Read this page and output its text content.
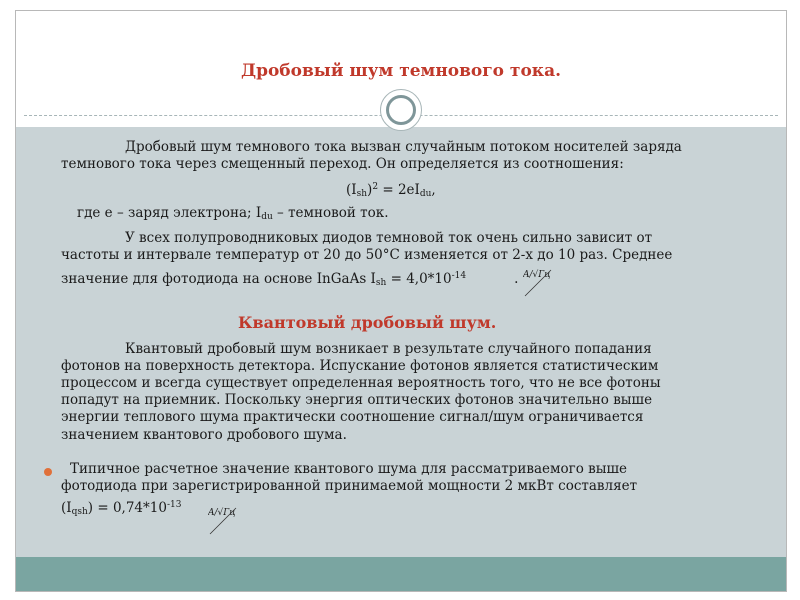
Дробовый шум темнового тока.
Дробовый шум темнового тока вызван случайным потоком носителей заряда
темнового тока через смещенный переход. Он определяется из соотношения:
$(I_{sh})^2 = 2eI_{du}$,
где е – заряд электрона; $I_{du}$ – темновой ток.
У всех полупроводниковых диодов темновой ток очень сильно зависит от
частоты и интервале температур от 20 до 50°С изменяется от 2-х до 10 раз. Среднее
значение для фотодиода на основе InGaAs $I_{sh} = 4,0*10^{-14}$	. A/√Гц
Квантовый дробовый шум.
Квантовый дробовый шум возникает в результате случайного попадания
фотонов на поверхность детектора. Испускание фотонов является статистическим
процессом и всегда существует определенная вероятность того, что не все фотоны
попадут на приемник. Поскольку энергия оптических фотонов значительно выше
энергии теплового шума практически соотношение сигнал/шум ограничивается
значением квантового дробового шума.
Типичное расчетное значение квантового шума для рассматриваемого выше
фотодиода при зарегистрированной принимаемой мощности 2 мкВт составляет
$(I_{qsh}) = 0,74*10^{-13}$
A/√Гц
